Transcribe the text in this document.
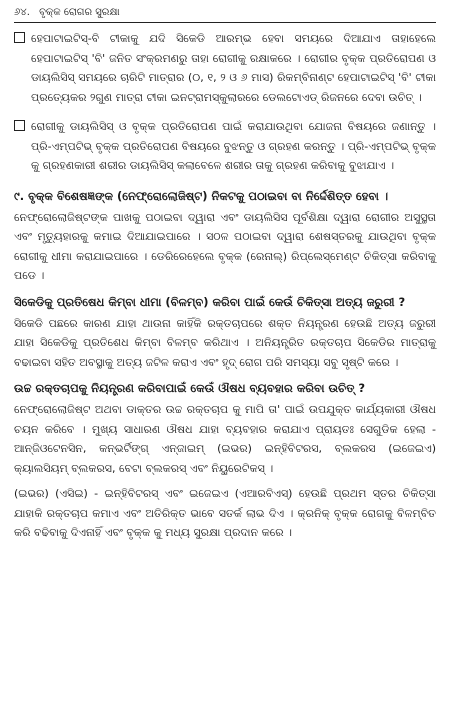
୬୪. ବୃକ୍କ ରୋଗର ସୁରକ୍ଷା
ହେପାଟାଇଟିସ୍-ବି ଟୀକାକୁ ଯଦି ସିକେଡି ଆରମ୍ଭ ହେବା ସମୟରେ ଦିଆଯାଏ ତାହାହେଲେ ହେପାଟାଇଟିସ୍ 'ବି' ଜନିତ ସଂକ୍ରମଣରୁ ତାହା ରୋଗୀକୁ ରକ୍ଷାକରେ । ରୋଗୀର ବୃକ୍କ ପ୍ରତିରୋପଣ ଓ ଡାୟଲିସିସ୍ ସମୟରେ ଚାରିଟି ମାତ୍ରାର (୦, ୧, ୨ ଓ ୬ ମାସ) ରିକମ୍ବିନାଣ୍ଟ ହେପାଟାଇଟିସ୍ 'ବି' ଟୀକା ପ୍ରତ୍ୟେକର ୨ଗୁଣ ମାତ୍ରା ଟୀକା ଇନଟ୍ରାମସ୍କୁଲାରରେ ଡେଲଟୋଏଡ୍ ରିଜନରେ ଦେବା ଉଚିତ୍ ।
ରୋଗୀକୁ ଡାୟଲିସିସ୍ ଓ ବୃକ୍କ ପ୍ରତିରୋପଣ ପାଇଁ କରାଯାଉଥିବା ଯୋଜନା ବିଷୟରେ ଜଣାନ୍ତୁ । ପ୍ରି-ଏମ୍ପଟିଭ୍ ବୃକ୍କ ପ୍ରତିରୋପଣ ବିଷୟରେ ବୁଝନ୍ତୁ ଓ ଗ୍ରହଣ କରନ୍ତୁ । ପ୍ରି-ଏମ୍ପଟିଭ୍ ବୃକ୍କ କୁ ଗ୍ରହଣକାରୀ ଶରୀର ଡାୟଲିସିସ୍ କଲାବେଳେ ଶରୀର ତାକୁ ଗ୍ରହଣ କରିବାକୁ ବୁଝାଯାଏ ।
୯. ବୃକ୍କ ବିଶେଷଜ୍ଞଙ୍କ (ନେଫ୍ରୋଲୋଜିଷ୍ଟ) ନିକଟକୁ ପଠାଇବା ବା ନିର୍ଦ୍ଦେଶିତ୍ତ ହେବା ।
ନେଫ୍ରୋଲୋଜିଷ୍ଟଙ୍କ ପାଖକୁ ପଠାଇବା ଦ୍ୱାରା ଏବଂ ଡାୟଲିସିସ ପୂର୍ବଶିକ୍ଷା ଦ୍ୱାରା ରୋଗୀର ଅସୁସ୍ଥତା ଏବଂ ମୃତ୍ୟୁହାରକୁ କମାଇ ଦିଆଯାଇପାରେ । ସଠଳ ପଠାଇବା ଦ୍ୱାରା ଶେଷସ୍ତରକୁ ଯାଉଥିବା ବୃକ୍କ ରୋଗୀକୁ ଧୀମା କରାଯାଇପାରେ । ଡେରିରେହେଲେ ବୃକ୍କ (ରେନାଲ୍) ରିପ୍ଲେସ୍ମେଣ୍ଟ ଚିକିତ୍ସା କରିବାକୁ ପଡେ ।
ସିକେଡିକୁ ପ୍ରତିଷେଧ କିମ୍ବା ଧୀମା (ବିଳମ୍ବ) କରିବା ପାଇଁ କେଉଁ ଚିକିତ୍ସା ଅତ୍ୟ ଜରୁରୀ ?
ସିକେଡି ପଛରେ କାରଣ ଯାହା ଥାଉନା କାହିଁକି ରକ୍ତଚାପରେ ଶକ୍ତ ନିୟନ୍ତ୍ରଣ ହେଉଛି ଅତ୍ୟ ଜରୁରୀ ଯାହା ସିକେଡିକୁ ପ୍ରତିଶେଧ କିମ୍ବା ବିଳମ୍ବ କରିଥାଏ । ଅନିୟନ୍ତ୍ରିତ ରକ୍ତଚାପ ସିକେଡିର ମାତ୍ରାକୁ ବଢାଇବା ସହିତ ଅବସ୍ଥାକୁ ଅତ୍ୟ ଜଟିଳ କରାଏ ଏବଂ ହୃଦ୍ ରୋଗ ପରି ସମସ୍ୟା ସବୁ ସୃଷ୍ଟି କରେ ।
ଉଚ୍ଚ ରକ୍ତଚାପକୁ ନିୟନ୍ତ୍ରଣ କରିବାପାଇଁ କେଉଁ ଔଷଧ ବ୍ୟବହାର କରିବା ଉଚିତ୍ ?
ନେଫ୍ରୋଲୋଜିଷ୍ଟ ଅଥବା ଡାକ୍ତର ଉଚ୍ଚ ରକ୍ତଚାପ କୁ ମାପି ତା' ପାଇଁ ଉପଯୁକ୍ତ କାର୍ଯ୍ୟକାରୀ ଔଷଧ ଚୟନ କରିବେ । ମୁଖ୍ୟ ସାଧାରଣ ଔଷଧ ଯାହା ବ୍ୟବହାର କରାଯାଏ ପ୍ରାୟତଃ ସେଗୁଡିକ ହେଲା - ଆନ୍ଜିଓଟେନସିନ, କନ୍ଭର୍ଟିଙ୍ଗ୍ ଏନ୍ଜାଇମ୍ (ଇଭର) ଇନ୍ହିବିଟରସ, ବ୍ଲକରସ (ଇଜେଇଏ) କ୍ୟାଲସିୟମ୍ ବ୍ଲକରସ, ବେଟା ବ୍ଲକରସ୍ ଏବଂ ନିୟୁରେଟିକସ୍ ।
(ଇଭର) (ଏସିଇ) - ଇନ୍ହିବିଟରସ୍ ଏବଂ ଇଜେଇଏ (ଏଆରବିଏସ୍) ହେଉଛି ପ୍ରଥମ ସ୍ତର ଚିକିତ୍ସା ଯାହାକି ରକ୍ତଚାପ କମାଏ ଏବଂ ଅତିରିକ୍ତ ଭାବେ ସତର୍କ ଲାଭ ଦିଏ । କ୍ରନିକ୍ ବୃକ୍କ ରୋଗକୁ ବିଳମ୍ବିତ କରି ବଢିବାକୁ ଦିଏନାହିଁ ଏବଂ ବୃକ୍କ କୁ ମଧ୍ୟ ସୁରକ୍ଷା ପ୍ରଦାନ କରେ ।
